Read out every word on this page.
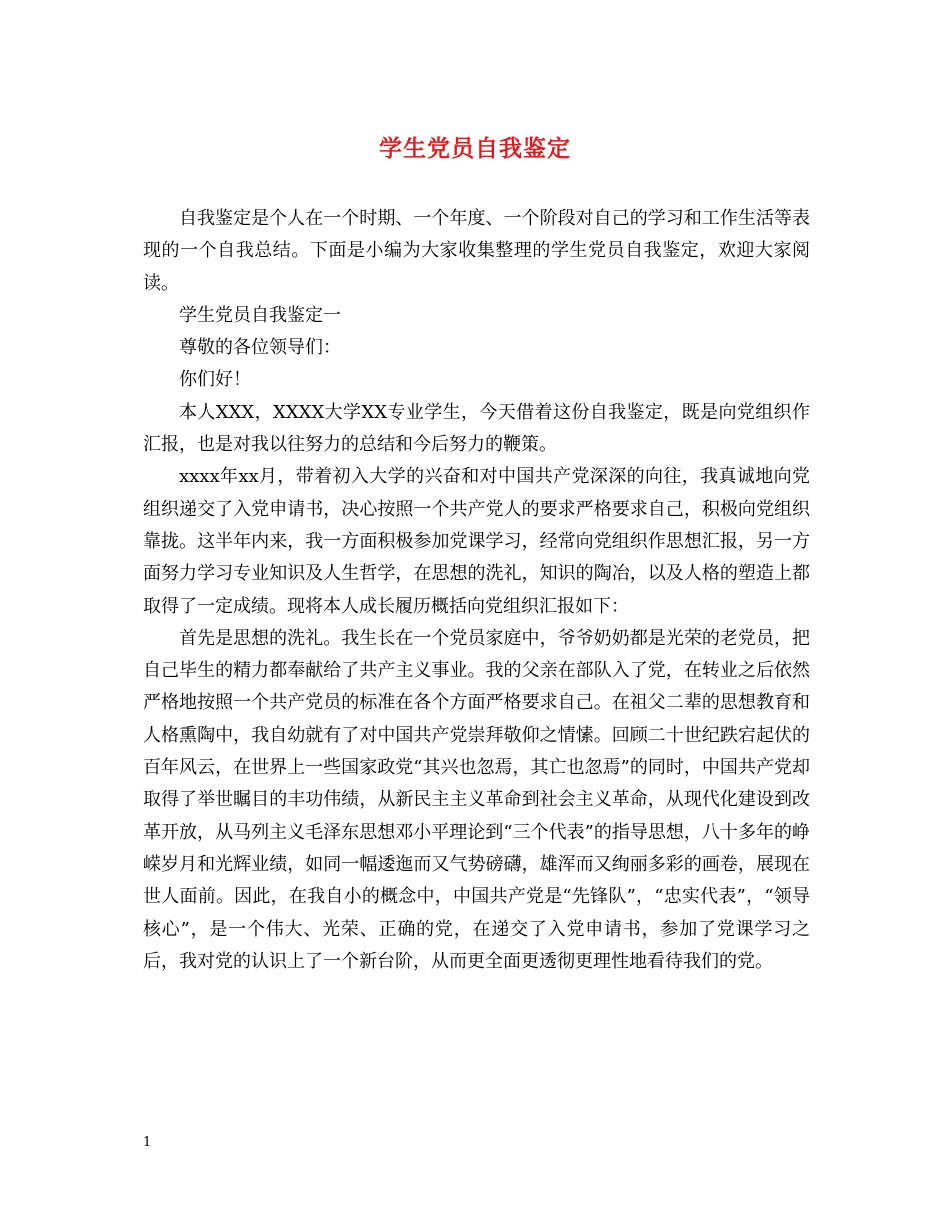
学生党员自我鉴定

自我鉴定是个人在一个时期、一个年度、一个阶段对自己的学习和工作生活等表现的一个自我总结。下面是小编为大家收集整理的学生党员自我鉴定，欢迎大家阅读。

学生党员自我鉴定一

尊敬的各位领导们：

你们好！

本人XXX，XXXX大学XX专业学生，今天借着这份自我鉴定，既是向党组织作汇报，也是对我以往努力的总结和今后努力的鞭策。

xxxx年xx月，带着初入大学的兴奋和对中国共产党深深的向往，我真诚地向党组织递交了入党申请书，决心按照一个共产党人的要求严格要求自己，积极向党组织靠拢。这半年内来，我一方面积极参加党课学习，经常向党组织作思想汇报，另一方面努力学习专业知识及人生哲学，在思想的洗礼，知识的陶冶，以及人格的塑造上都取得了一定成绩。现将本人成长履历概括向党组织汇报如下：

首先是思想的洗礼。我生长在一个党员家庭中，爷爷奶奶都是光荣的老党员，把自己毕生的精力都奉献给了共产主义事业。我的父亲在部队入了党，在转业之后依然严格地按照一个共产党员的标准在各个方面严格要求自己。在祖父二辈的思想教育和人格熏陶中，我自幼就有了对中国共产党崇拜敬仰之情愫。回顾二十世纪跌宕起伏的百年风云，在世界上一些国家政党“其兴也忽焉，其亡也忽焉”的同时，中国共产党却取得了举世瞩目的丰功伟绩，从新民主主义革命到社会主义革命，从现代化建设到改革开放，从马列主义毛泽东思想邓小平理论到“三个代表”的指导思想，八十多年的峥嵘岁月和光辉业绩，如同一幅逶迤而又气势磅礴，雄浑而又绚丽多彩的画卷，展现在世人面前。因此，在我自小的概念中，中国共产党是“先锋队”，“忠实代表”，“领导核心”，是一个伟大、光荣、正确的党，在递交了入党申请书，参加了党课学习之后，我对党的认识上了一个新台阶，从而更全面更透彻更理性地看待我们的党。

1
